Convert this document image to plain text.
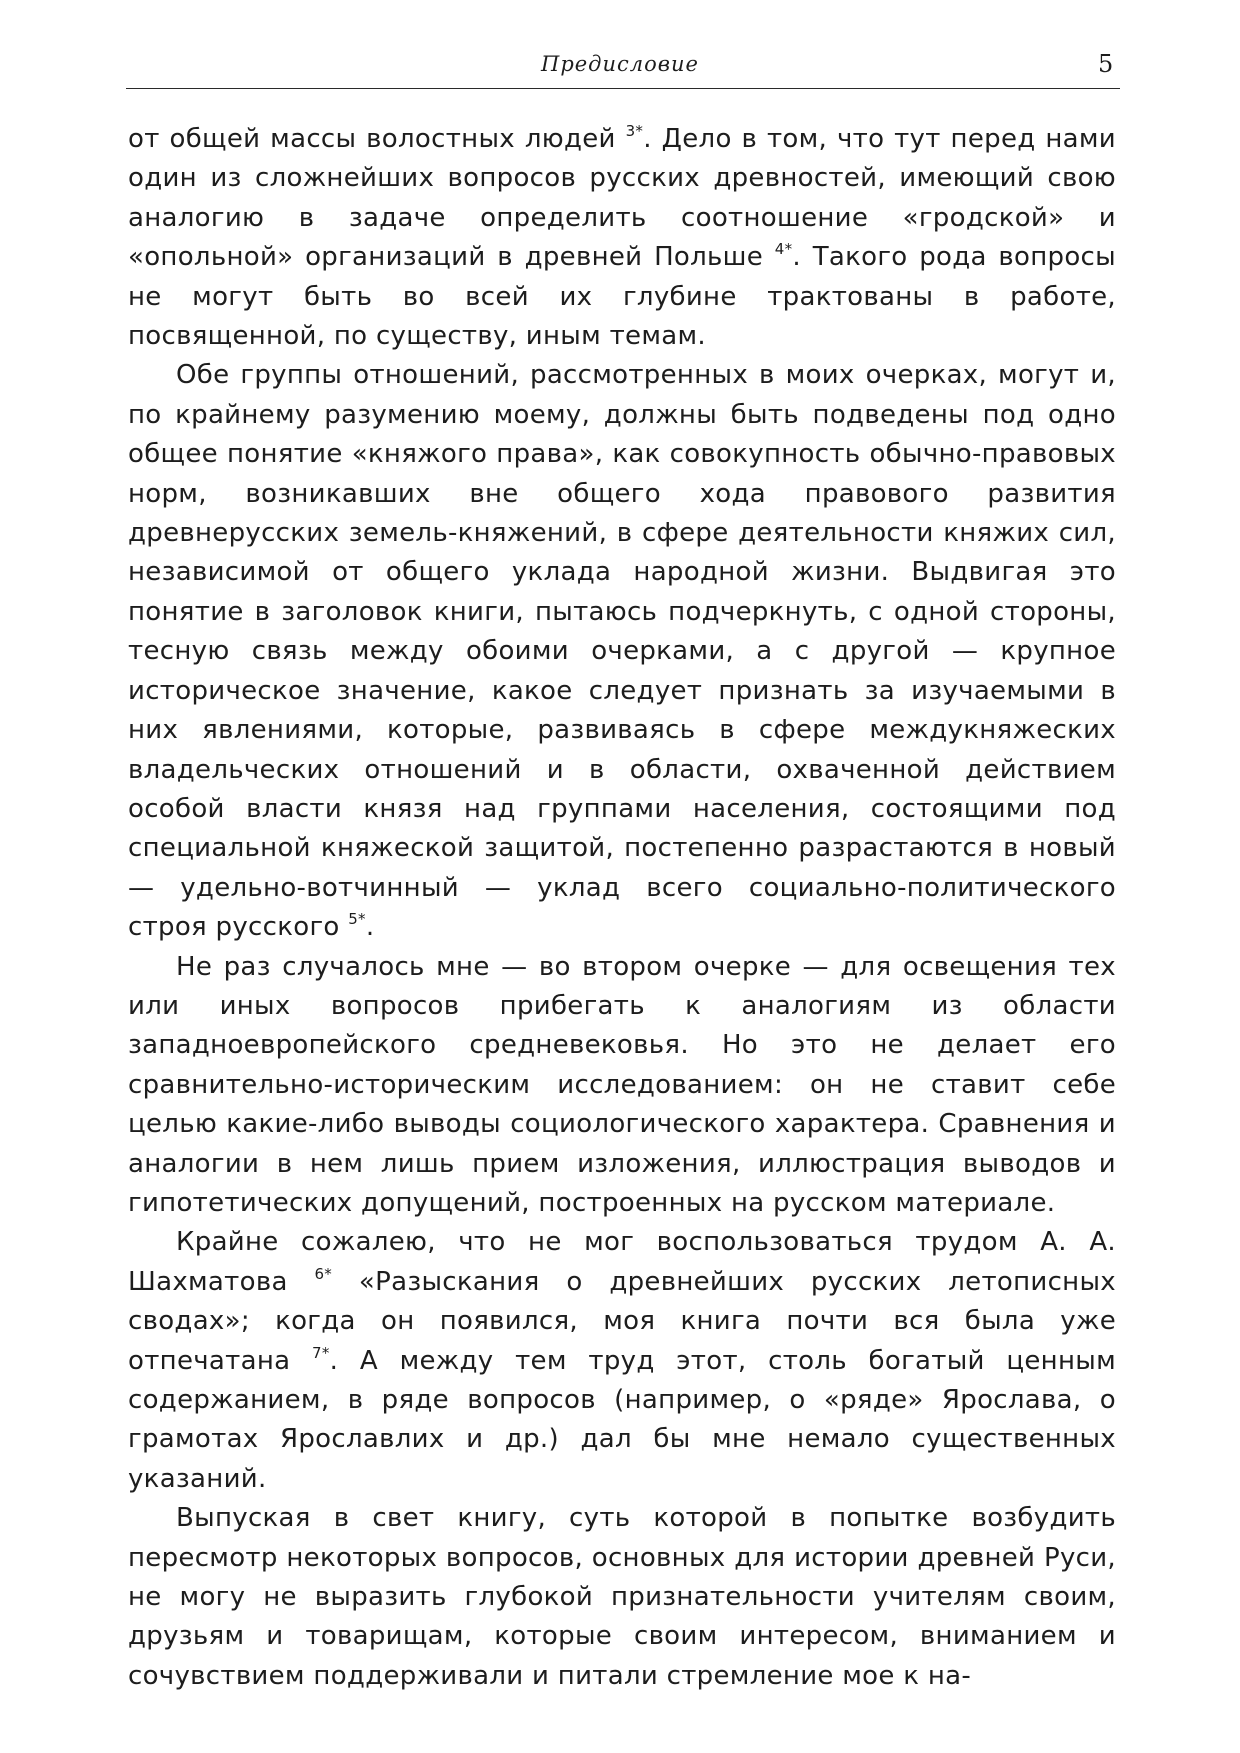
Предисловие	5

от общей массы волостных людей $^{3*}$. Дело в том, что тут перед нами один из сложнейших вопросов русских древностей, имеющий свою аналогию в задаче определить соотношение «гродской» и «опольной» организаций в древней Польше $^{4*}$. Такого рода вопросы не могут быть во всей их глубине трактованы в работе, посвященной, по существу, иным темам.

Обе группы отношений, рассмотренных в моих очерках, могут и, по крайнему разумению моему, должны быть подведены под одно общее понятие «княжого права», как совокупность обычно-правовых норм, возникавших вне общего хода правового развития древнерусских земель-княжений, в сфере деятельности княжих сил, независимой от общего уклада народной жизни. Выдвигая это понятие в заголовок книги, пытаюсь подчеркнуть, с одной стороны, тесную связь между обоими очерками, а с другой — крупное историческое значение, какое следует признать за изучаемыми в них явлениями, которые, развиваясь в сфере междукняжеских владельческих отношений и в области, охваченной действием особой власти князя над группами населения, состоящими под специальной княжеской защитой, постепенно разрастаются в новый — удельно-вотчинный — уклад всего социально-политического строя русского $^{5*}$.

Не раз случалось мне — во втором очерке — для освещения тех или иных вопросов прибегать к аналогиям из области западноевропейского средневековья. Но это не делает его сравнительно-историческим исследованием: он не ставит себе целью какие-либо выводы социологического характера. Сравнения и аналогии в нем лишь прием изложения, иллюстрация выводов и гипотетических допущений, построенных на русском материале.

Крайне сожалею, что не мог воспользоваться трудом А. А. Шахматова $^{6*}$ «Разыскания о древнейших русских летописных сводах»; когда он появился, моя книга почти вся была уже отпечатана $^{7*}$. А между тем труд этот, столь богатый ценным содержанием, в ряде вопросов (например, о «ряде» Ярослава, о грамотах Ярославлих и др.) дал бы мне немало существенных указаний.

Выпуская в свет книгу, суть которой в попытке возбудить пересмотр некоторых вопросов, основных для истории древней Руси, не могу не выразить глубокой признательности учителям своим, друзьям и товарищам, которые своим интересом, вниманием и сочувствием поддерживали и питали стремление мое к на-
